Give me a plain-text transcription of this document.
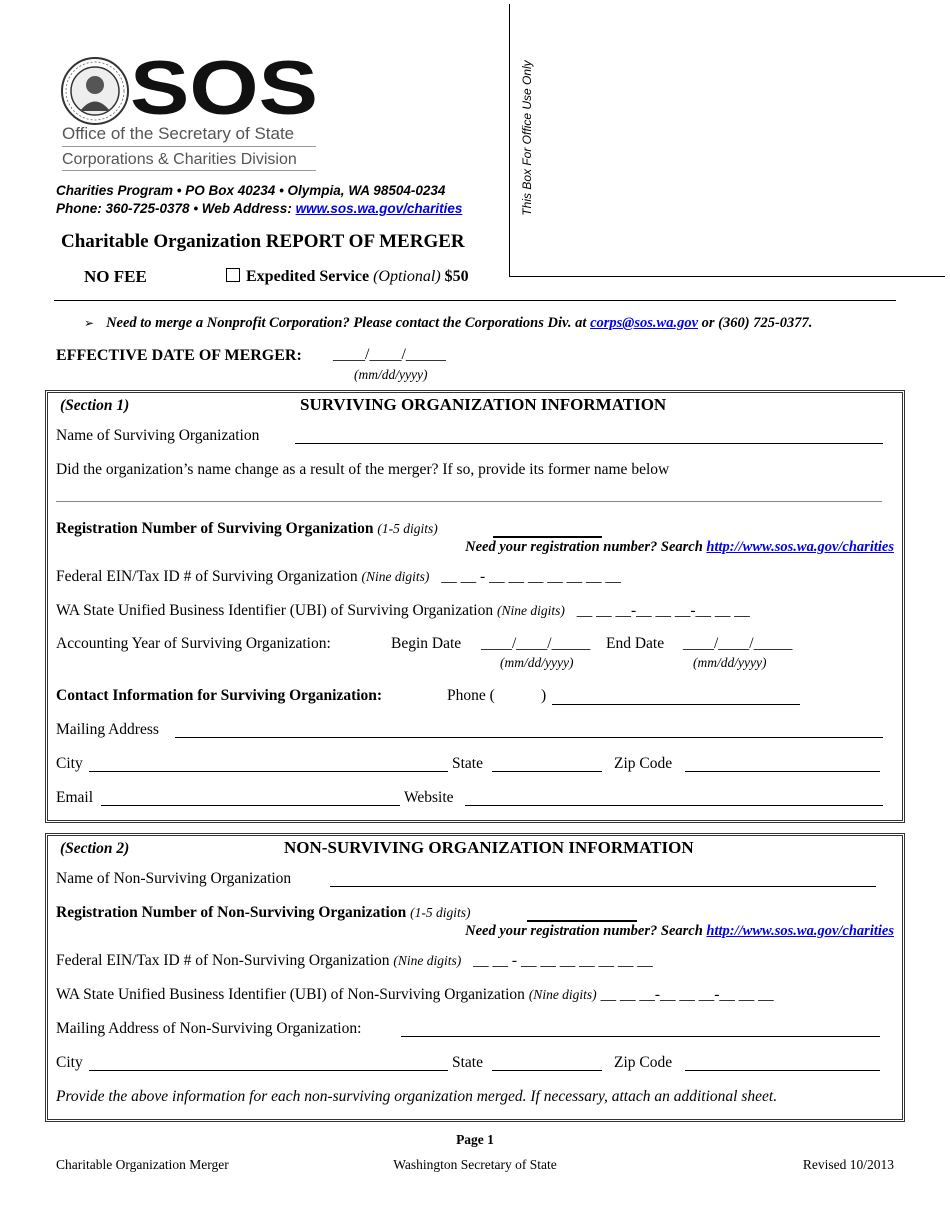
SOS
Office of the Secretary of State
Corporations & Charities Division
Charities Program • PO Box 40234 • Olympia, WA 98504-0234
Phone: 360-725-0378 • Web Address: www.sos.wa.gov/charities
Charitable Organization REPORT OF MERGER
NO FEE	Expedited Service (Optional) $50
This Box For Office Use Only
➢ Need to merge a Nonprofit Corporation? Please contact the Corporations Div. at corps@sos.wa.gov or (360) 725-0377.
EFFECTIVE DATE OF MERGER: ____/____/_____
(mm/dd/yyyy)
(Section 1)	SURVIVING ORGANIZATION INFORMATION
Name of Surviving Organization
Did the organization’s name change as a result of the merger? If so, provide its former name below
Registration Number of Surviving Organization (1-5 digits)
Need your registration number? Search http://www.sos.wa.gov/charities
Federal EIN/Tax ID # of Surviving Organization (Nine digits) __ __ - __ __ __ __ __ __ __
WA State Unified Business Identifier (UBI) of Surviving Organization (Nine digits) __ __ __-__ __ __-__ __ __
Accounting Year of Surviving Organization:	Begin Date ____/____/_____
(mm/dd/yyyy)
End Date ____/____/_____
(mm/dd/yyyy)
Contact Information for Surviving Organization:	Phone (	)
Mailing Address
City	State	Zip Code
Email	Website
(Section 2)	NON-SURVIVING ORGANIZATION INFORMATION
Name of Non-Surviving Organization
Registration Number of Non-Surviving Organization (1-5 digits)
Need your registration number? Search http://www.sos.wa.gov/charities
Federal EIN/Tax ID # of Non-Surviving Organization (Nine digits) __ __ - __ __ __ __ __ __ __
WA State Unified Business Identifier (UBI) of Non-Surviving Organization (Nine digits) __ __ __-__ __ __-__ __ __
Mailing Address of Non-Surviving Organization:
City	State	Zip Code
Provide the above information for each non-surviving organization merged. If necessary, attach an additional sheet.
Page 1
Charitable Organization Merger	Washington Secretary of State	Revised 10/2013
